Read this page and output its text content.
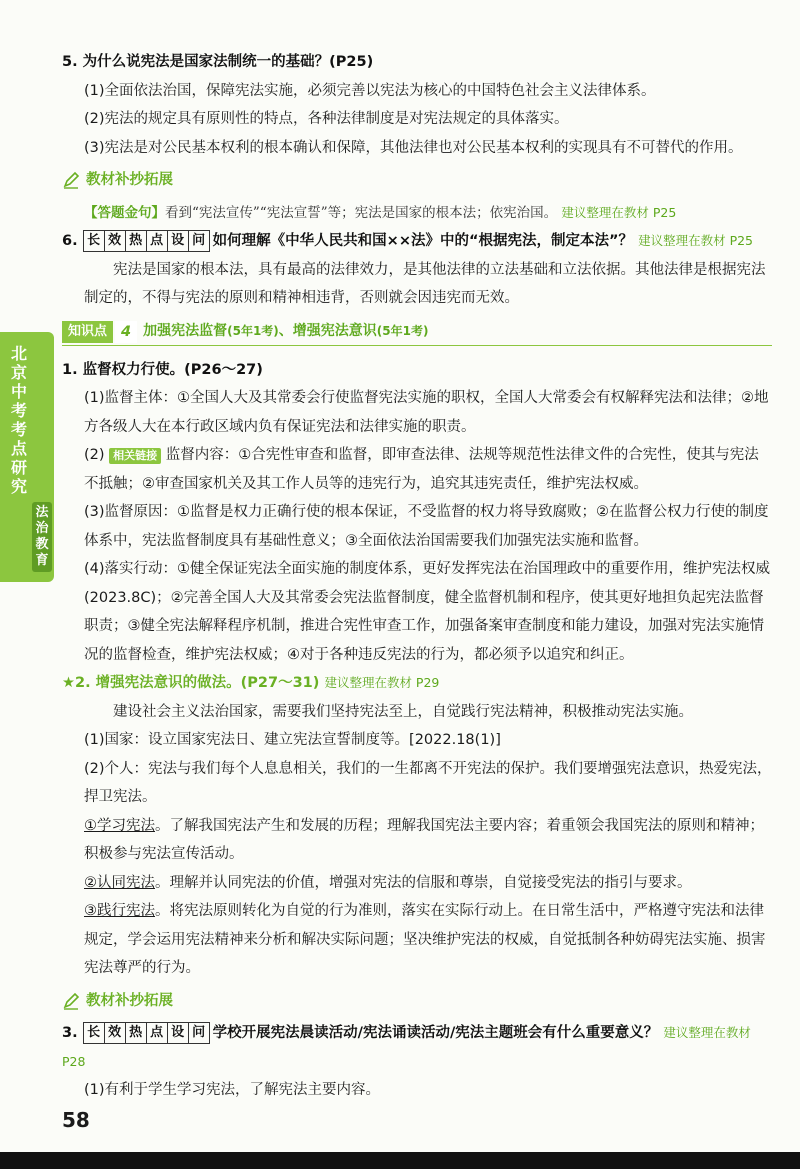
北京中考考点研究
法治教育

5. 为什么说宪法是国家法制统一的基础？(P25)

(1)全面依法治国，保障宪法实施，必须完善以宪法为核心的中国特色社会主义法律体系。

(2)宪法的规定具有原则性的特点，各种法律制度是对宪法规定的具体落实。

(3)宪法是对公民基本权利的根本确认和保障，其他法律也对公民基本权利的实现具有不可替代的作用。

教材补抄拓展

【答题金句】看到“宪法宣传”“宪法宣誓”等；宪法是国家的根本法；依宪治国。 建议整理在教材 P25

6. 长 效 热 点 设 问 如何理解《中华人民共和国××法》中的“根据宪法，制定本法”？ 建议整理在教材 P25

宪法是国家的根本法，具有最高的法律效力，是其他法律的立法基础和立法依据。其他法律是根据宪法制定的，不得与宪法的原则和精神相违背，否则就会因违宪而无效。

知识点 4 加强宪法监督(5年1考)、增强宪法意识(5年1考)

1. 监督权力行使。(P26～27)

(1)监督主体：①全国人大及其常委会行使监督宪法实施的职权，全国人大常委会有权解释宪法和法律；②地方各级人大在本行政区域内负有保证宪法和法律实施的职责。

(2) 相关链接 监督内容：①合宪性审查和监督，即审查法律、法规等规范性法律文件的合宪性，使其与宪法不抵触；②审查国家机关及其工作人员等的违宪行为，追究其违宪责任，维护宪法权威。

(3)监督原因：①监督是权力正确行使的根本保证，不受监督的权力将导致腐败；②在监督公权力行使的制度体系中，宪法监督制度具有基础性意义；③全面依法治国需要我们加强宪法实施和监督。

(4)落实行动：①健全保证宪法全面实施的制度体系，更好发挥宪法在治国理政中的重要作用，维护宪法权威(2023.8C)；②完善全国人大及其常委会宪法监督制度，健全监督机制和程序，使其更好地担负起宪法监督职责；③健全宪法解释程序机制，推进合宪性审查工作，加强备案审查制度和能力建设，加强对宪法实施情况的监督检查，维护宪法权威；④对于各种违反宪法的行为，都必须予以追究和纠正。

★2. 增强宪法意识的做法。(P27～31) 建议整理在教材 P29

建设社会主义法治国家，需要我们坚持宪法至上，自觉践行宪法精神，积极推动宪法实施。

(1)国家：设立国家宪法日、建立宪法宣誓制度等。[2022.18(1)]

(2)个人：宪法与我们每个人息息相关，我们的一生都离不开宪法的保护。我们要增强宪法意识，热爱宪法，捍卫宪法。

①学习宪法。了解我国宪法产生和发展的历程；理解我国宪法主要内容；着重领会我国宪法的原则和精神；积极参与宪法宣传活动。

②认同宪法。理解并认同宪法的价值，增强对宪法的信服和尊崇，自觉接受宪法的指引与要求。

③践行宪法。将宪法原则转化为自觉的行为准则，落实在实际行动上。在日常生活中，严格遵守宪法和法律规定，学会运用宪法精神来分析和解决实际问题；坚决维护宪法的权威，自觉抵制各种妨碍宪法实施、损害宪法尊严的行为。

教材补抄拓展

3. 长 效 热 点 设 问 学校开展宪法晨读活动/宪法诵读活动/宪法主题班会有什么重要意义？ 建议整理在教材 P28

(1)有利于学生学习宪法，了解宪法主要内容。

58
